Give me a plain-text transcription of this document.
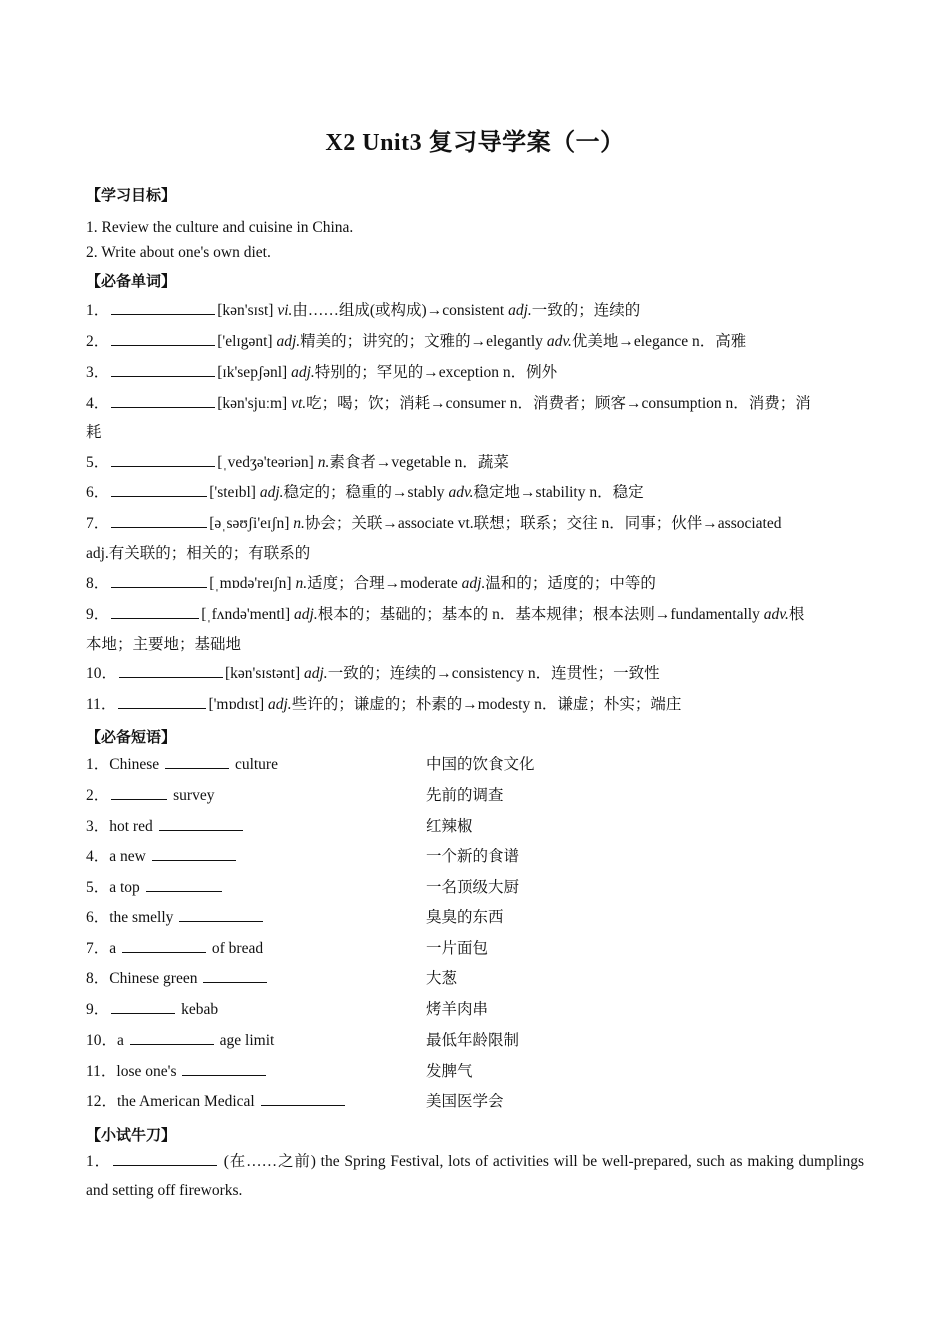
X2 Unit3 复习导学案（一）
【学习目标】
1. Review the culture and cuisine in China.
2. Write about one's own diet.
【必备单词】
1．	[kən'sɪst] vi.由……组成(或构成)→consistent adj.一致的；连续的
2．	['elɪgənt] adj.精美的；讲究的；文雅的→elegantly adv.优美地→elegance n．高雅
3．	[ɪk'sepʃənl] adj.特别的；罕见的→exception n．例外
4．	[kən'sjuːm] vt.吃；喝；饮；消耗→consumer n．消费者；顾客→consumption n．消费；消
耗
5．	[ˌvedʒə'teəriən] n.素食者→vegetable n．蔬菜
6．	['steɪbl] adj.稳定的；稳重的→stably adv.稳定地→stability n．稳定
7．	[əˌsəʊʃi'eɪʃn] n.协会；关联→associate vt.联想；联系；交往 n．同事；伙伴→associated
adj.有关联的；相关的；有联系的
8．	[ˌmɒdə'reɪʃn] n.适度；合理→moderate adj.温和的；适度的；中等的
9．	[ˌfʌndə'mentl] adj.根本的；基础的；基本的 n．基本规律；根本法则→fundamentally adv.根
本地；主要地；基础地
10．	[kən'sɪstənt] adj.一致的；连续的→consistency n．连贯性；一致性
11．	['mɒdɪst] adj.些许的；谦虚的；朴素的→modesty n．谦虚；朴实；端庄
【必备短语】
1．Chinese	culture	中国的饮食文化
2．	survey	先前的调查
3．hot red	红辣椒
4．a new	一个新的食谱
5．a top	一名顶级大厨
6．the smelly	臭臭的东西
7．a	of bread	一片面包
8．Chinese green	大葱
9．	kebab	烤羊肉串
10．a	age limit	最低年龄限制
11．lose one's	发脾气
12．the American Medical	美国医学会
【小试牛刀】
1．	(在……之前) the Spring Festival, lots of activities will be well-prepared, such as making dumplings and setting off fireworks.
